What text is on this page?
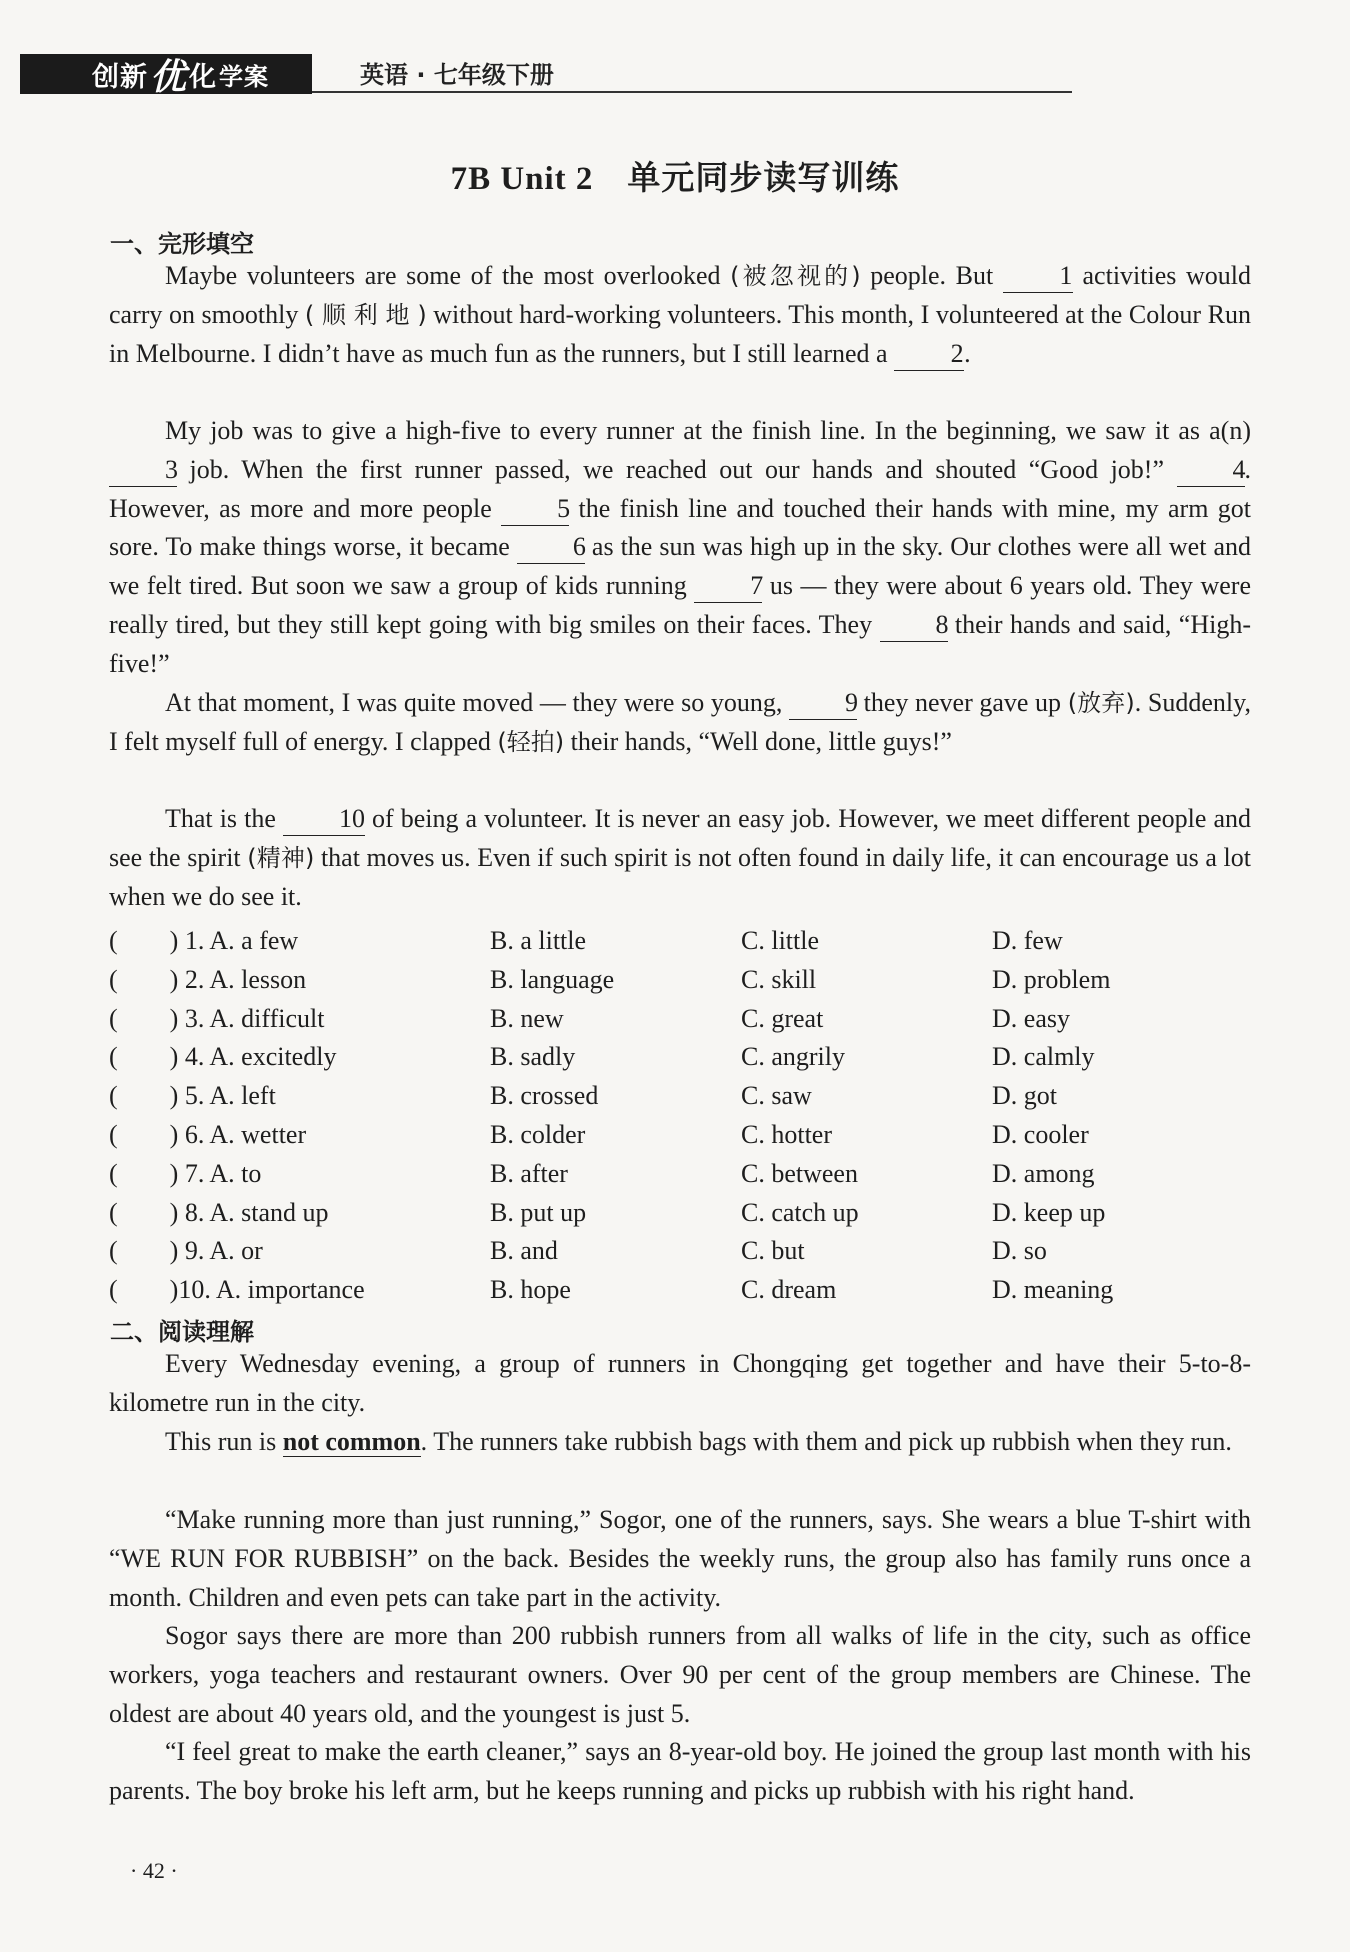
创新 优 化 学案	英语 · 七年级下册
7B Unit 2　单元同步读写训练
一、完形填空

Maybe volunteers are some of the most overlooked (被忽视的) people. But 1 activities would carry on smoothly ( 顺 利 地 ) without hard-working volunteers. This month, I volunteered at the Colour Run in Melbourne. I didn’t have as much fun as the runners, but I still learned a 2.

My job was to give a high-five to every runner at the finish line. In the beginning, we saw it as a(n) 3 job. When the first runner passed, we reached out our hands and shouted “Good job!” 4. However, as more and more people 5 the finish line and touched their hands with mine, my arm got sore. To make things worse, it became 6 as the sun was high up in the sky. Our clothes were all wet and we felt tired. But soon we saw a group of kids running 7 us — they were about 6 years old. They were really tired, but they still kept going with big smiles on their faces. They 8 their hands and said, “High-five!”

At that moment, I was quite moved — they were so young, 9 they never gave up (放弃). Suddenly, I felt myself full of energy. I clapped (轻拍) their hands, “Well done, little guys!”

That is the 10 of being a volunteer. It is never an easy job. However, we meet different people and see the spirit (精神) that moves us. Even if such spirit is not often found in daily life, it can encourage us a lot when we do see it.

(　　) 1. A. a few	B. a little	C. little	D. few
(　　) 2. A. lesson	B. language	C. skill	D. problem
(　　) 3. A. difficult	B. new	C. great	D. easy
(　　) 4. A. excitedly	B. sadly	C. angrily	D. calmly
(　　) 5. A. left	B. crossed	C. saw	D. got
(　　) 6. A. wetter	B. colder	C. hotter	D. cooler
(　　) 7. A. to	B. after	C. between	D. among
(　　) 8. A. stand up	B. put up	C. catch up	D. keep up
(　　) 9. A. or	B. and	C. but	D. so
(　　)10. A. importance	B. hope	C. dream	D. meaning
二、阅读理解

Every Wednesday evening, a group of runners in Chongqing get together and have their 5-to-8-kilometre run in the city.

This run is not common. The runners take rubbish bags with them and pick up rubbish when they run.

“Make running more than just running,” Sogor, one of the runners, says. She wears a blue T-shirt with “WE RUN FOR RUBBISH” on the back. Besides the weekly runs, the group also has family runs once a month. Children and even pets can take part in the activity.

Sogor says there are more than 200 rubbish runners from all walks of life in the city, such as office workers, yoga teachers and restaurant owners. Over 90 per cent of the group members are Chinese. The oldest are about 40 years old, and the youngest is just 5.

“I feel great to make the earth cleaner,” says an 8-year-old boy. He joined the group last month with his parents. The boy broke his left arm, but he keeps running and picks up rubbish with his right hand.

· 42 ·
